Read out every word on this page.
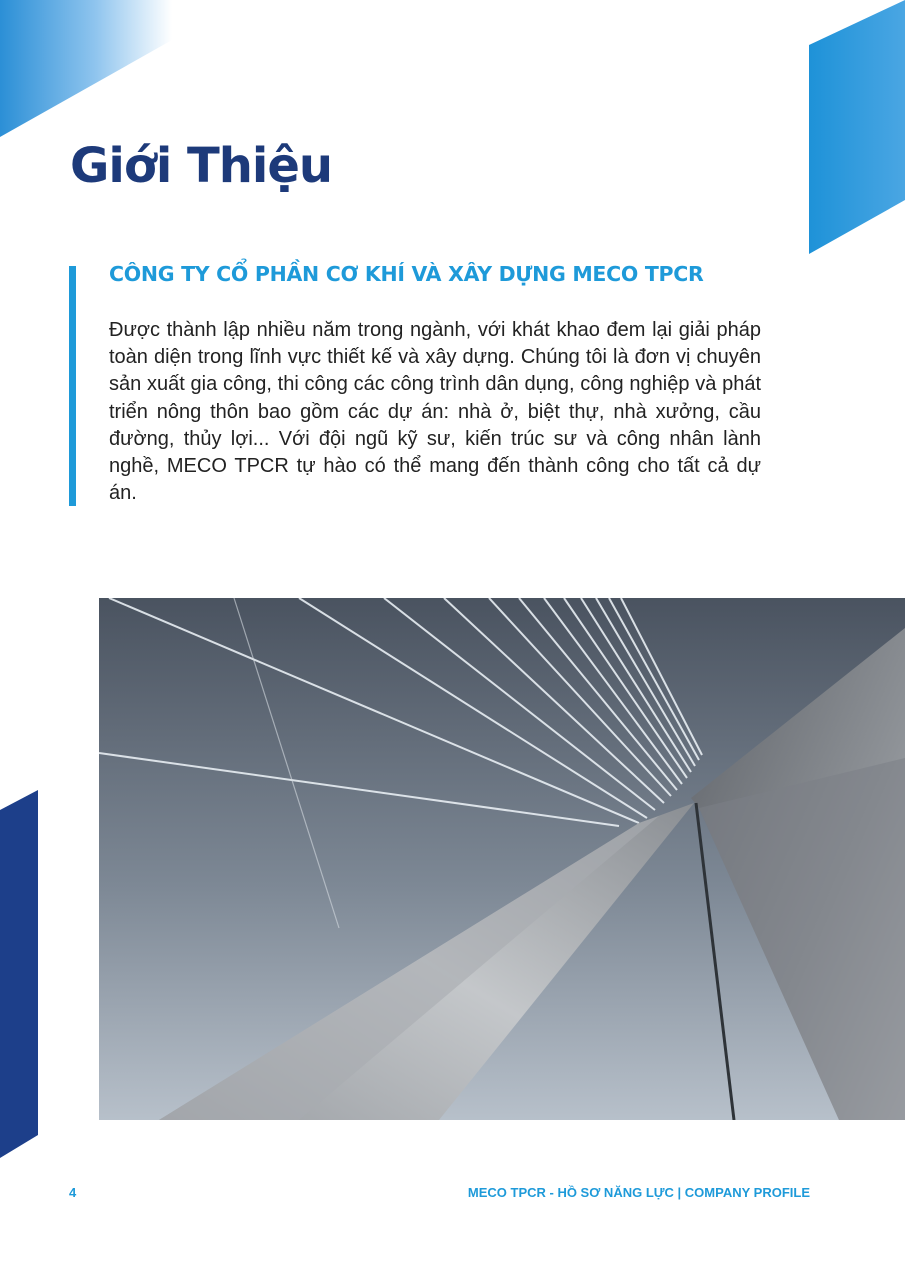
Giới Thiệu
CÔNG TY CỔ PHẦN CƠ KHÍ VÀ XÂY DỰNG MECO TPCR

Được thành lập nhiều năm trong ngành, với khát khao đem lại giải pháp toàn diện trong lĩnh vực thiết kế và xây dựng. Chúng tôi là đơn vị chuyên sản xuất gia công, thi công các công trình dân dụng, công nghiệp và phát triển nông thôn bao gồm các dự án: nhà ở, biệt thự, nhà xưởng, cầu đường, thủy lợi... Với đội ngũ kỹ sư, kiến trúc sư và công nhân lành nghề, MECO TPCR tự hào có thể mang đến thành công cho tất cả dự án.

4	MECO TPCR - HỒ SƠ NĂNG LỰC | COMPANY PROFILE
